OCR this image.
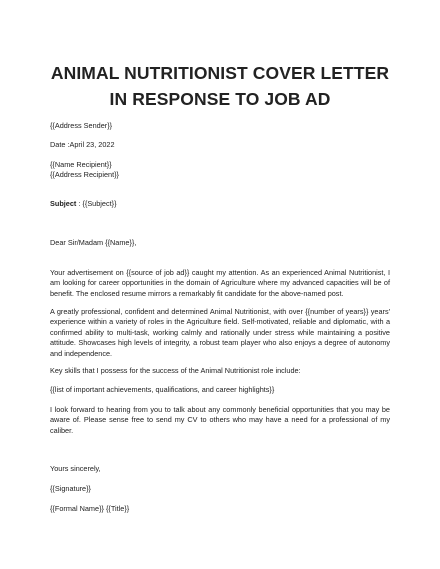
ANIMAL NUTRITIONIST COVER LETTER IN RESPONSE TO JOB AD
{{Address Sender}}
Date :April 23, 2022
{{Name Recipient}}
{{Address Recipient}}
Subject : {{Subject}}
Dear Sir/Madam {{Name}},
Your advertisement on {{source of job ad}} caught my attention. As an experienced Animal Nutritionist, I am looking for career opportunities in the domain of Agriculture where my advanced capacities will be of benefit. The enclosed resume mirrors a remarkably fit candidate for the above-named post.
A greatly professional, confident and determined Animal Nutritionist, with over {{number of years}} years' experience within a variety of roles in the Agriculture field. Self-motivated, reliable and diplomatic, with a confirmed ability to multi-task, working calmly and rationally under stress while maintaining a positive attitude. Showcases high levels of integrity, a robust team player who also enjoys a degree of autonomy and independence.
Key skills that I possess for the success of the Animal Nutritionist role include:
{{list of important achievements, qualifications, and career highlights}}
I look forward to hearing from you to talk about any commonly beneficial opportunities that you may be aware of. Please sense free to send my CV to others who may have a need for a professional of my caliber.
Yours sincerely,
{{Signature}}
{{Formal Name}} {{Title}}
